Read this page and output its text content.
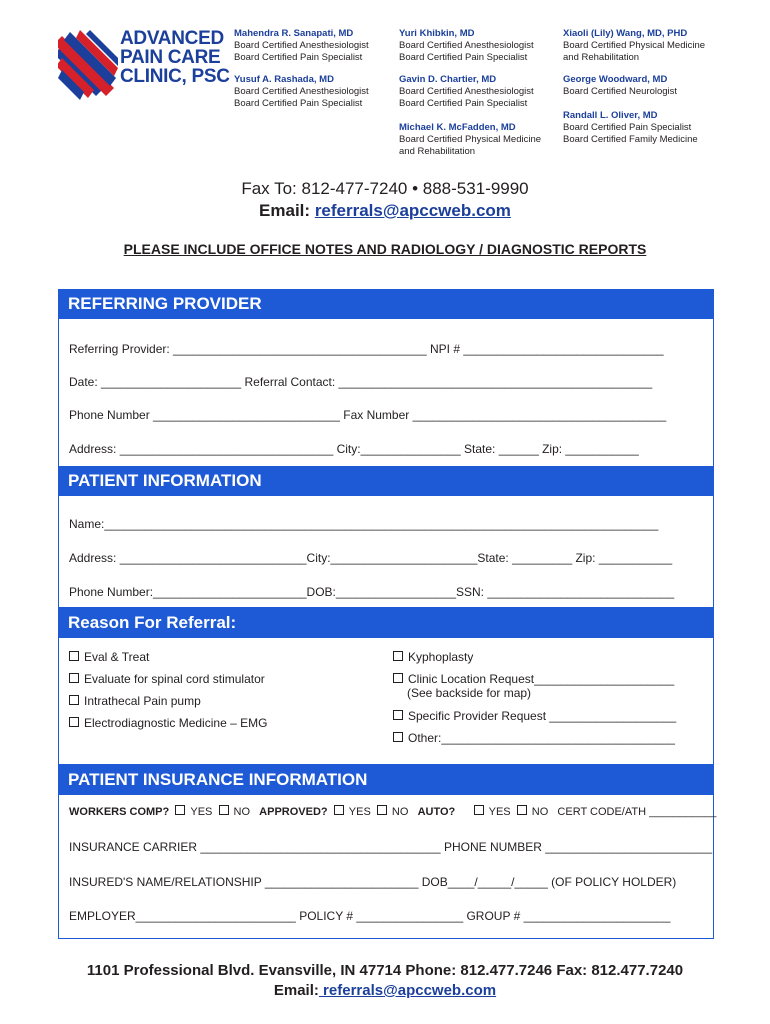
ADVANCED
PAIN CARE
CLINIC, PSC
Mahendra R. Sanapati, MD
Board Certified Anesthesiologist
Board Certified Pain Specialist
Yusuf A. Rashada, MD
Board Certified Anesthesiologist
Board Certified Pain Specialist
Yuri Khibkin, MD
Board Certified Anesthesiologist
Board Certified Pain Specialist
Gavin D. Chartier, MD
Board Certified Anesthesiologist
Board Certified Pain Specialist
Michael K. McFadden, MD
Board Certified Physical Medicine
and Rehabilitation
Xiaoli (Lily) Wang, MD, PHD
Board Certified Physical Medicine
and Rehabilitation
George Woodward, MD
Board Certified Neurologist
Randall L. Oliver, MD
Board Certified Pain Specialist
Board Certified Family Medicine
Fax To: 812-477-7240 • 888-531-9990
Email: referrals@apccweb.com
PLEASE INCLUDE OFFICE NOTES AND RADIOLOGY / DIAGNOSTIC REPORTS
REFERRING PROVIDER
Referring Provider: ______________________________________ NPI # ______________________________
Date: _____________________ Referral Contact: _______________________________________________
Phone Number ____________________________ Fax Number ______________________________________
Address: ________________________________ City:_______________ State: ______ Zip: ___________
PATIENT INFORMATION
Name:___________________________________________________________________________________
Address: ____________________________City:______________________State: _________ Zip: ___________
Phone Number:_______________________DOB:__________________SSN: ____________________________
Reason For Referral:
Eval & Treat
Evaluate for spinal cord stimulator
Intrathecal Pain pump
Electrodiagnostic Medicine – EMG
Kyphoplasty
Clinic Location Request_____________________
(See backside for map)
Specific Provider Request ___________________
Other:___________________________________
PATIENT INSURANCE INFORMATION
WORKERS COMP? YES NO APPROVED? YES NO AUTO?	YES NO CERT CODE/ATH ___________
INSURANCE CARRIER ____________________________________ PHONE NUMBER _________________________
INSURED'S NAME/RELATIONSHIP _______________________ DOB____/_____/_____ (OF POLICY HOLDER)
EMPLOYER________________________ POLICY # ________________ GROUP # ______________________
1101 Professional Blvd. Evansville, IN 47714 Phone: 812.477.7246 Fax: 812.477.7240
Email: referrals@apccweb.com
